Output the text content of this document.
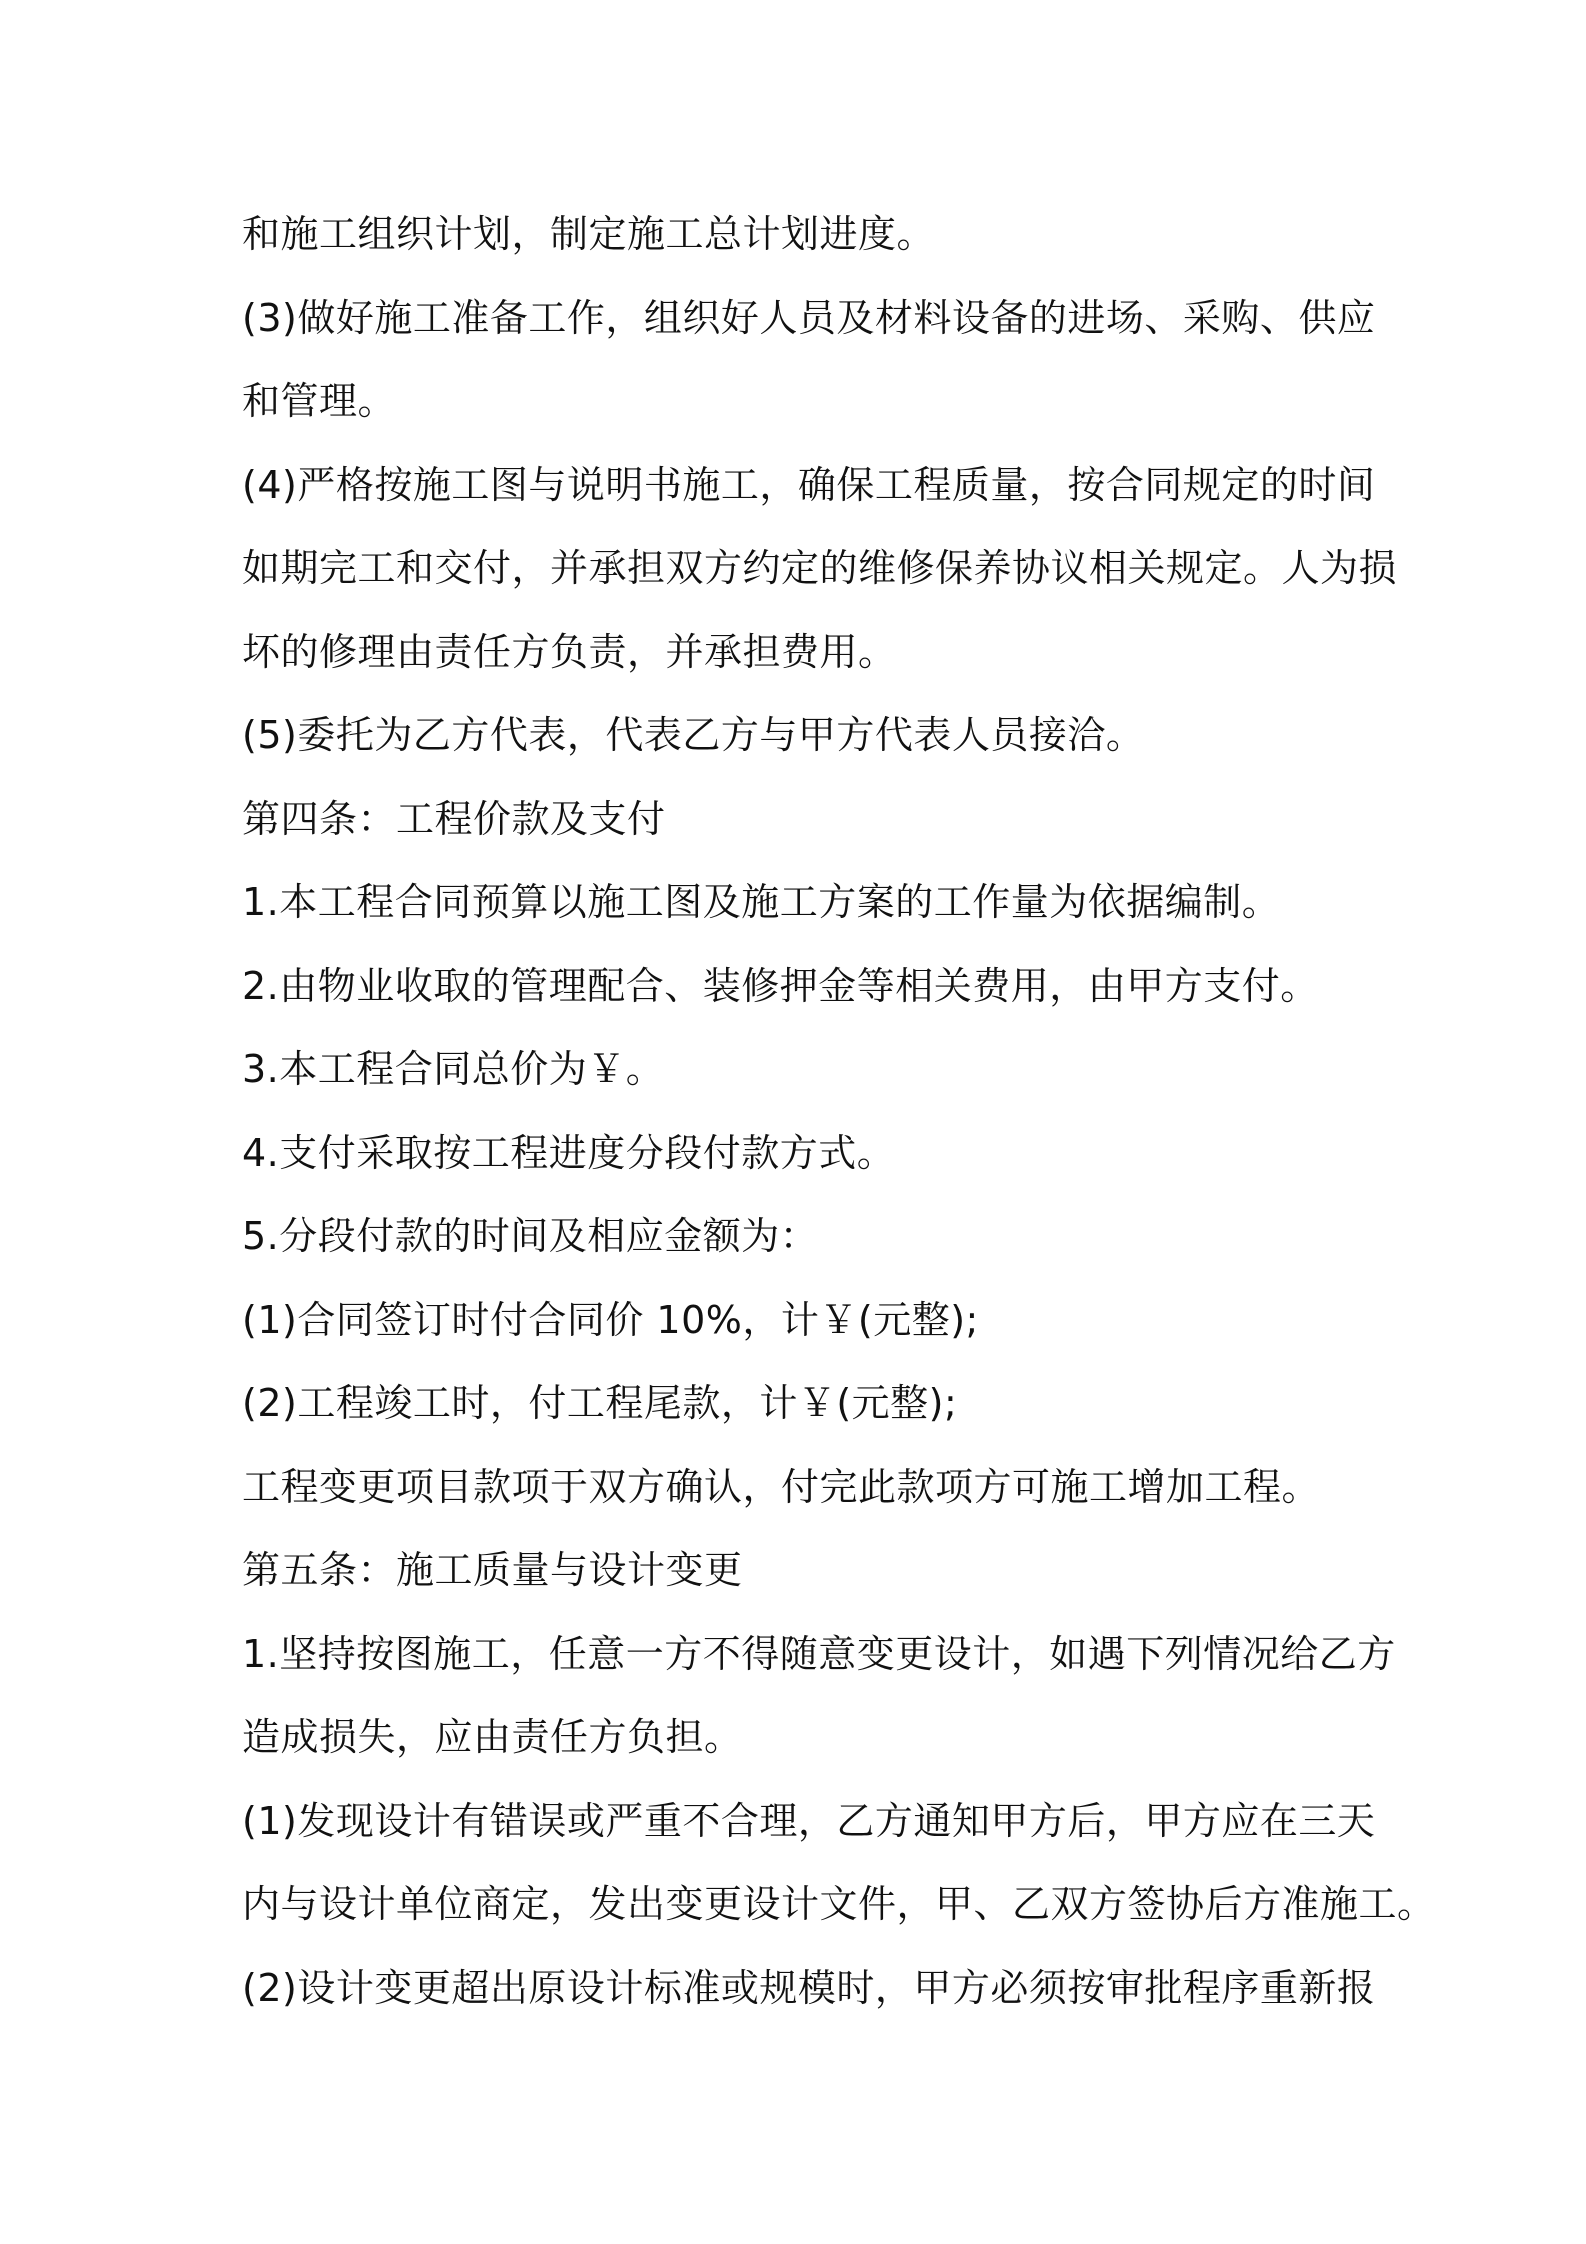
和施工组织计划，制定施工总计划进度。
(3)做好施工准备工作，组织好人员及材料设备的进场、采购、供应
和管理。
(4)严格按施工图与说明书施工，确保工程质量，按合同规定的时间
如期完工和交付，并承担双方约定的维修保养协议相关规定。人为损
坏的修理由责任方负责，并承担费用。
(5)委托为乙方代表，代表乙方与甲方代表人员接洽。
第四条：工程价款及支付
1.本工程合同预算以施工图及施工方案的工作量为依据编制。
2.由物业收取的管理配合、装修押金等相关费用，由甲方支付。
3.本工程合同总价为￥。
4.支付采取按工程进度分段付款方式。
5.分段付款的时间及相应金额为：
(1)合同签订时付合同价 10%，计￥(元整);
(2)工程竣工时，付工程尾款，计￥(元整);
工程变更项目款项于双方确认，付完此款项方可施工增加工程。
第五条：施工质量与设计变更
1.坚持按图施工，任意一方不得随意变更设计，如遇下列情况给乙方
造成损失，应由责任方负担。
(1)发现设计有错误或严重不合理，乙方通知甲方后，甲方应在三天
内与设计单位商定，发出变更设计文件，甲、乙双方签协后方准施工。
(2)设计变更超出原设计标准或规模时，甲方必须按审批程序重新报
